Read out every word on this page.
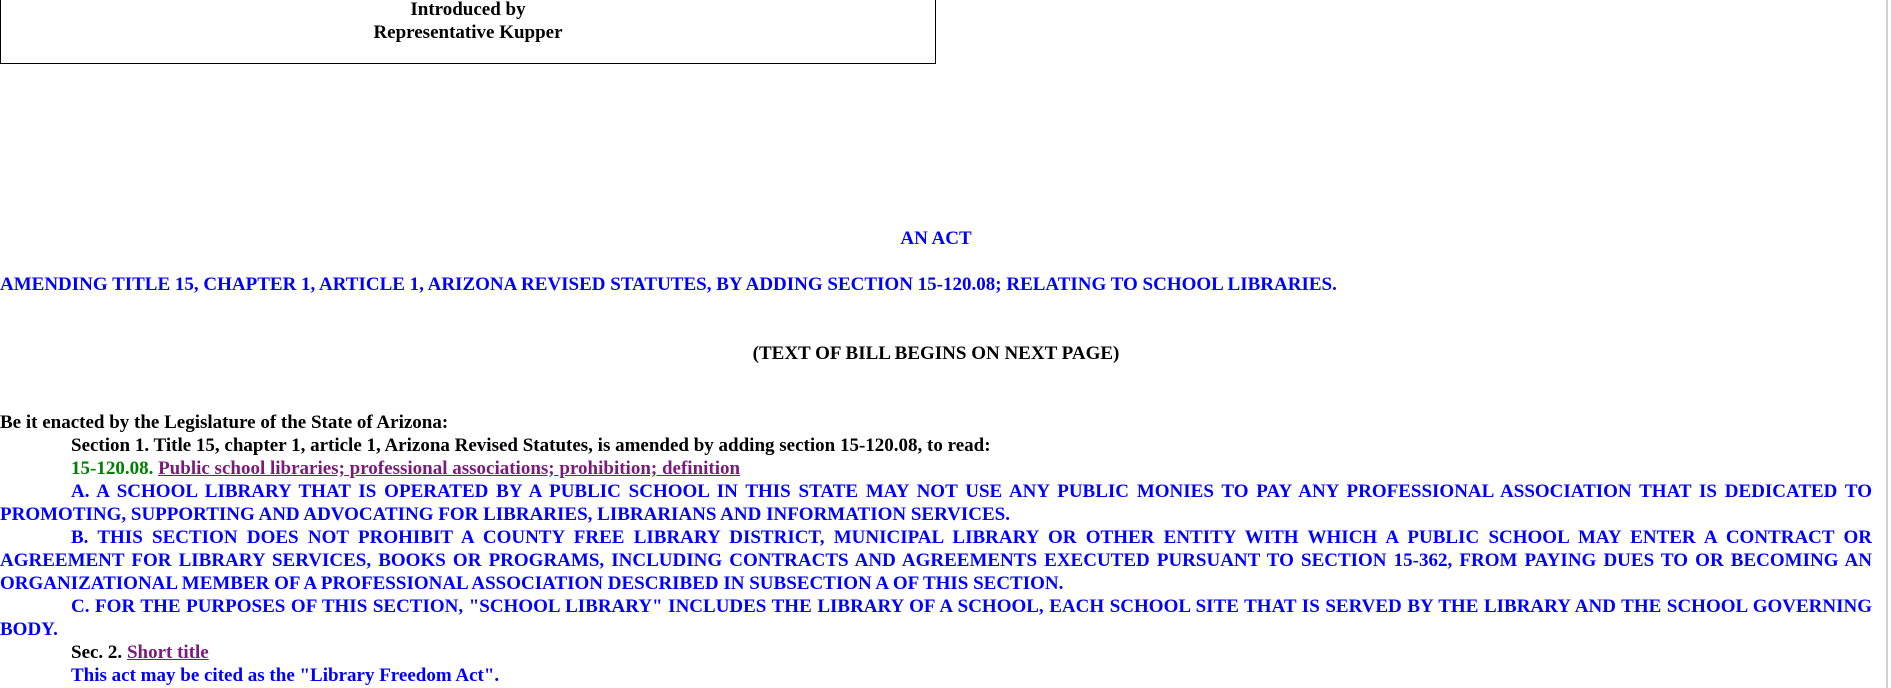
Introduced by
Representative Kupper
AN ACT
AMENDING TITLE 15, CHAPTER 1, ARTICLE 1, ARIZONA REVISED STATUTES, BY ADDING SECTION 15-120.08; RELATING TO SCHOOL LIBRARIES.
(TEXT OF BILL BEGINS ON NEXT PAGE)

Be it enacted by the Legislature of the State of Arizona:

Section 1. Title 15, chapter 1, article 1, Arizona Revised Statutes, is amended by adding section 15-120.08, to read:

15-120.08. Public school libraries; professional associations; prohibition; definition

A. A SCHOOL LIBRARY THAT IS OPERATED BY A PUBLIC SCHOOL IN THIS STATE MAY NOT USE ANY PUBLIC MONIES TO PAY ANY PROFESSIONAL ASSOCIATION THAT IS DEDICATED TO PROMOTING, SUPPORTING AND ADVOCATING FOR LIBRARIES, LIBRARIANS AND INFORMATION SERVICES.

B. THIS SECTION DOES NOT PROHIBIT A COUNTY FREE LIBRARY DISTRICT, MUNICIPAL LIBRARY OR OTHER ENTITY WITH WHICH A PUBLIC SCHOOL MAY ENTER A CONTRACT OR AGREEMENT FOR LIBRARY SERVICES, BOOKS OR PROGRAMS, INCLUDING CONTRACTS AND AGREEMENTS EXECUTED PURSUANT TO SECTION 15-362, FROM PAYING DUES TO OR BECOMING AN ORGANIZATIONAL MEMBER OF A PROFESSIONAL ASSOCIATION DESCRIBED IN SUBSECTION A OF THIS SECTION.

C. FOR THE PURPOSES OF THIS SECTION, "SCHOOL LIBRARY" INCLUDES THE LIBRARY OF A SCHOOL, EACH SCHOOL SITE THAT IS SERVED BY THE LIBRARY AND THE SCHOOL GOVERNING BODY.

Sec. 2. Short title

This act may be cited as the "Library Freedom Act".
